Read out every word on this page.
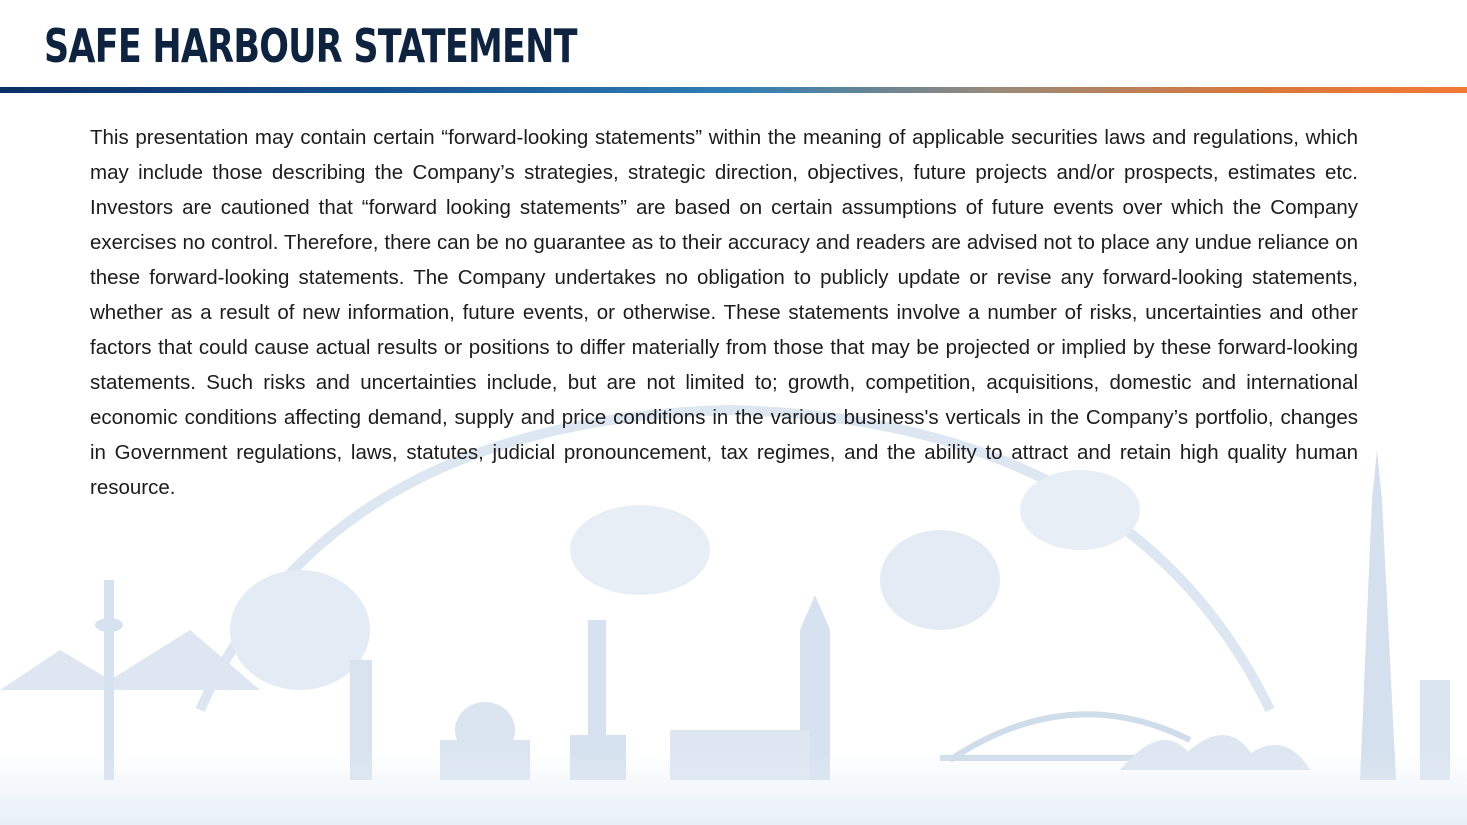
SAFE HARBOUR STATEMENT

This presentation may contain certain “forward-looking statements” within the meaning of applicable securities laws and regulations, which may include those describing the Company’s strategies, strategic direction, objectives, future projects and/or prospects, estimates etc. Investors are cautioned that “forward looking statements” are based on certain assumptions of future events over which the Company exercises no control. Therefore, there can be no guarantee as to their accuracy and readers are advised not to place any undue reliance on these forward-looking statements. The Company undertakes no obligation to publicly update or revise any forward-looking statements, whether as a result of new information, future events, or otherwise. These statements involve a number of risks, uncertainties and other factors that could cause actual results or positions to differ materially from those that may be projected or implied by these forward-looking statements. Such risks and uncertainties include, but are not limited to; growth, competition, acquisitions, domestic and international economic conditions affecting demand, supply and price conditions in the various business's verticals in the Company’s portfolio, changes in Government regulations, laws, statutes, judicial pronouncement, tax regimes, and the ability to attract and retain high quality human resource.
